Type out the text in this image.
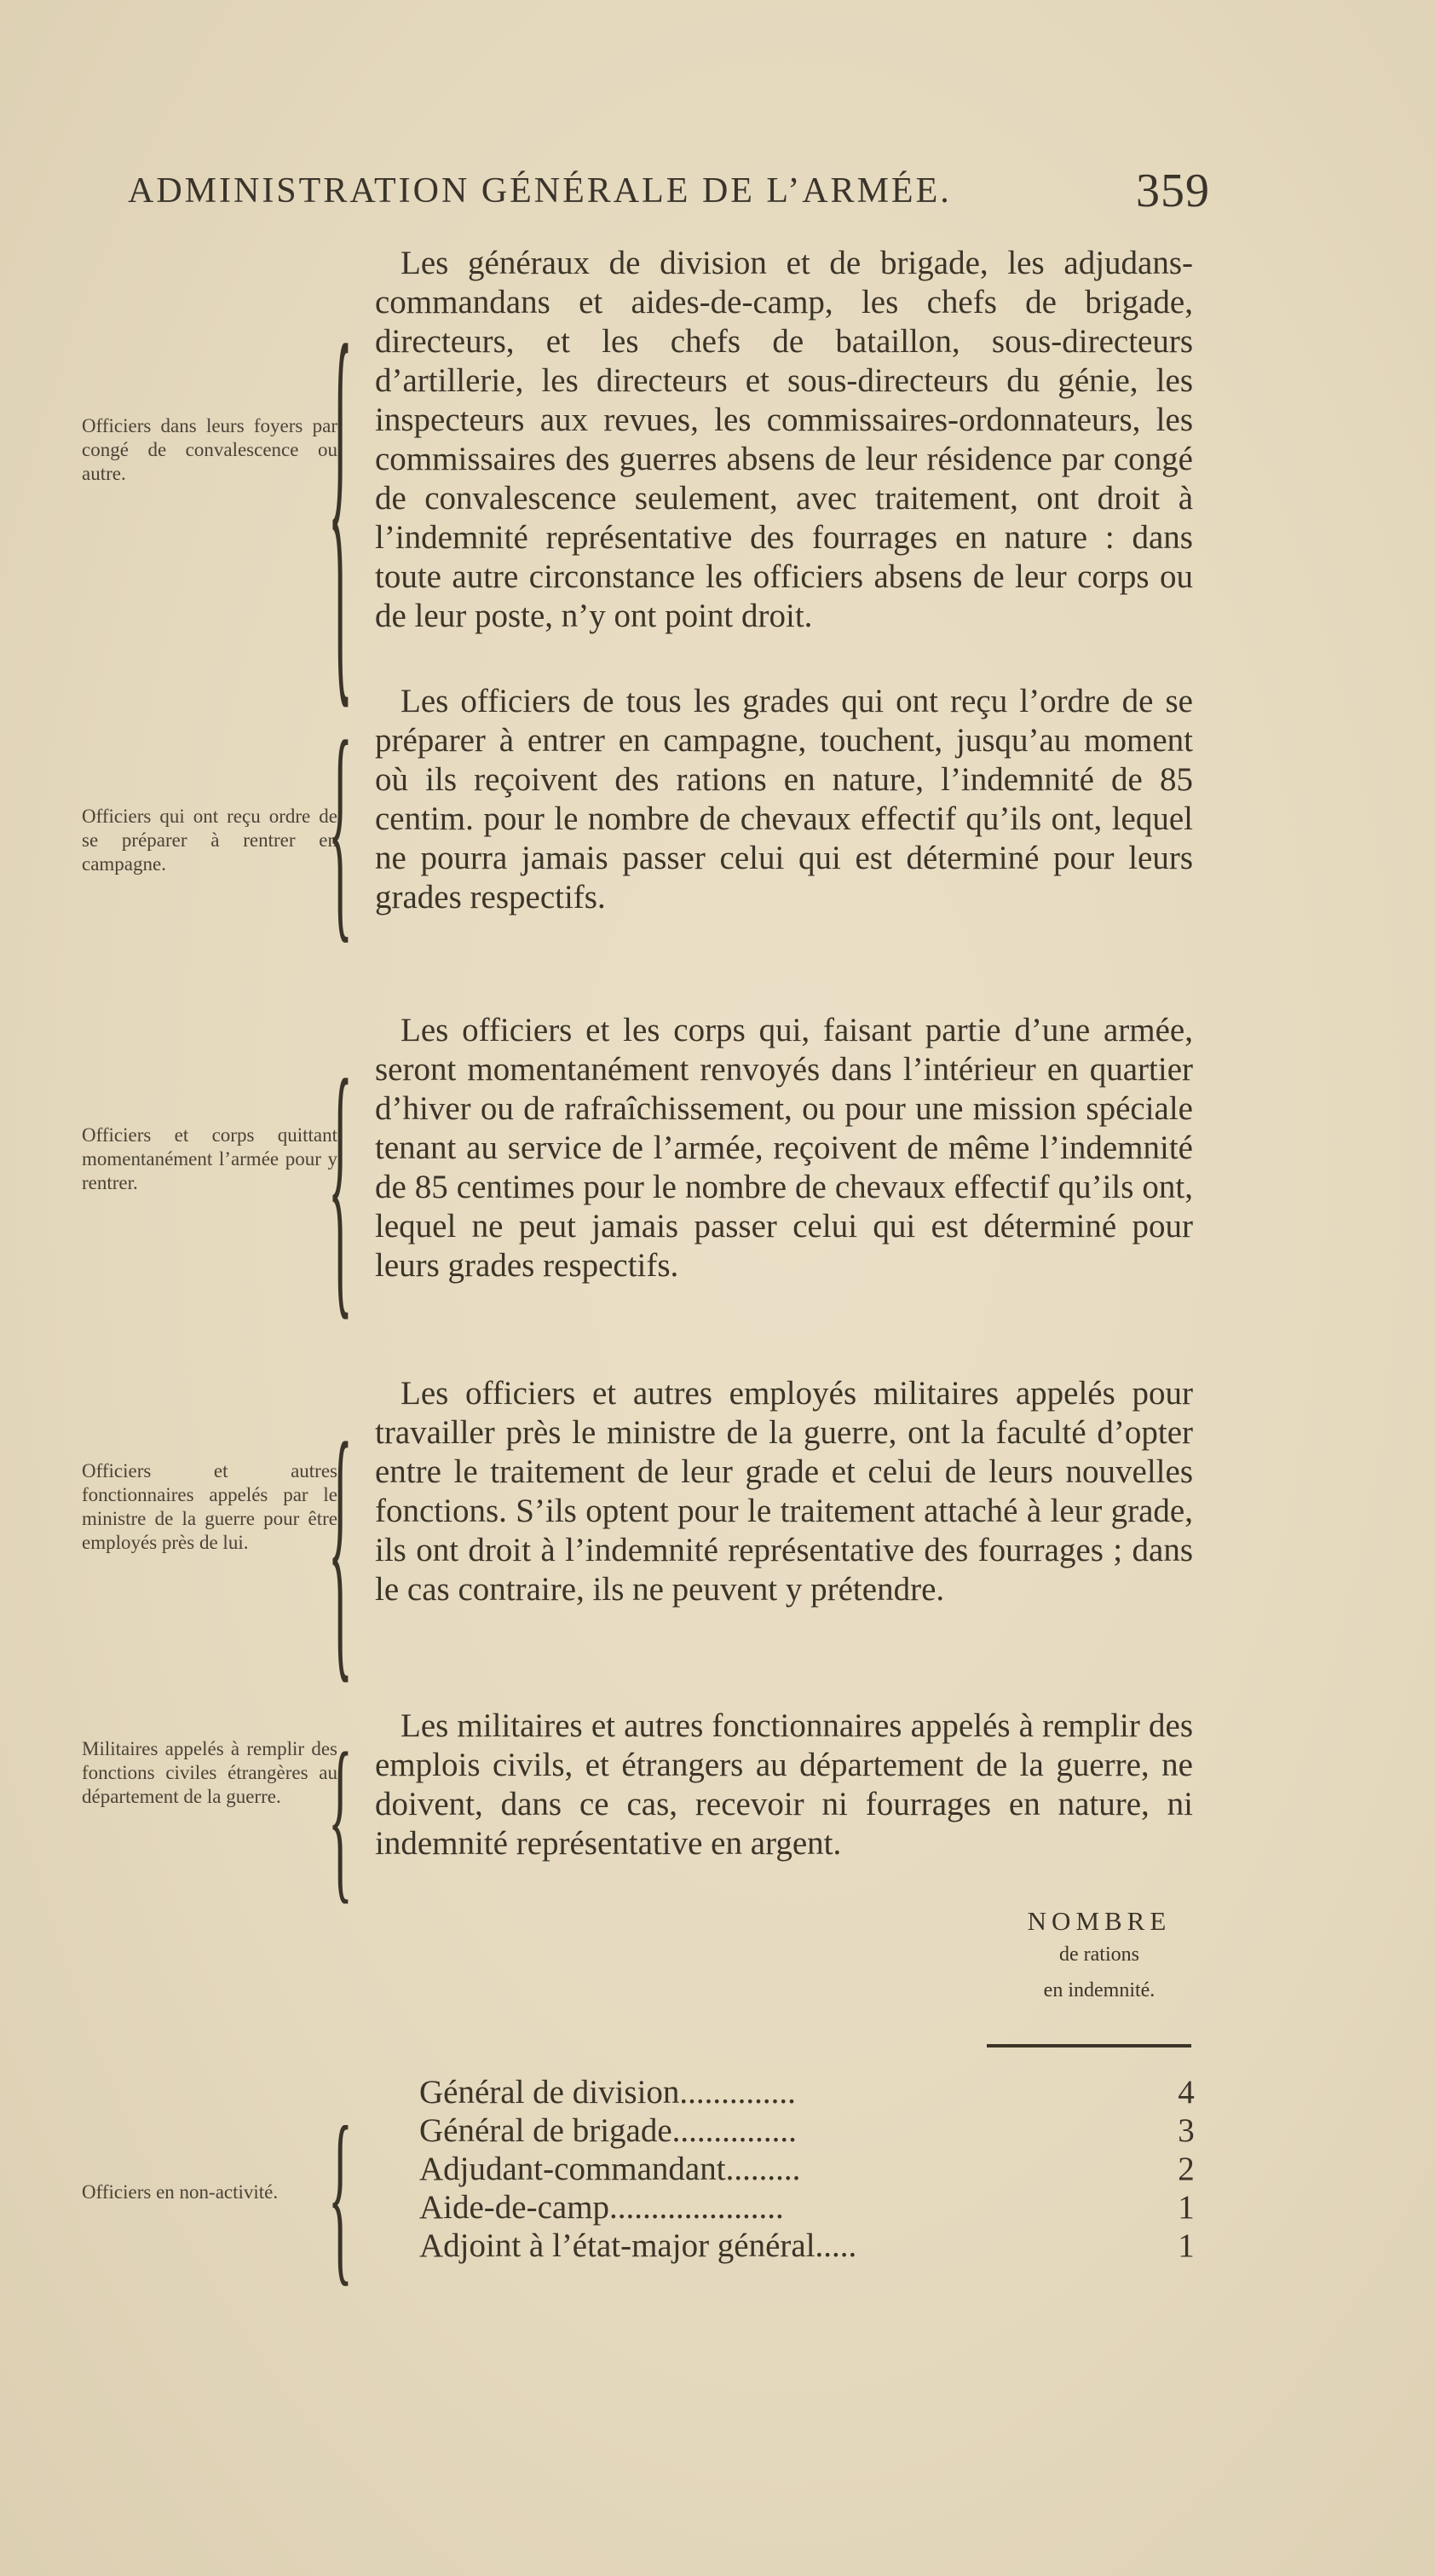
ADMINISTRATION GÉNÉRALE DE L’ARMÉE.	359
Officiers dans leurs foyers par congé de convalescence ou autre.	{	Les généraux de division et de brigade, les adjudans-commandans et aides-de-camp, les chefs de brigade, directeurs, et les chefs de bataillon, sous-directeurs d’artillerie, les directeurs et sous-directeurs du génie, les inspecteurs aux revues, les commissaires-ordonnateurs, les commissaires des guerres absens de leur résidence par congé de convalescence seulement, avec traitement, ont droit à l’indemnité représentative des fourrages en nature : dans toute autre circonstance les officiers absens de leur corps ou de leur poste, n’y ont point droit.
Officiers qui ont reçu ordre de se préparer à rentrer en campagne.	{	Les officiers de tous les grades qui ont reçu l’ordre de se préparer à entrer en campagne, touchent, jusqu’au moment où ils reçoivent des rations en nature, l’indemnité de 85 centim. pour le nombre de chevaux effectif qu’ils ont, lequel ne pourra jamais passer celui qui est déterminé pour leurs grades respectifs.
Officiers et corps quittant momentanément l’armée pour y rentrer.	{	Les officiers et les corps qui, faisant partie d’une armée, seront momentanément renvoyés dans l’intérieur en quartier d’hiver ou de rafraîchissement, ou pour une mission spéciale tenant au service de l’armée, reçoivent de même l’indemnité de 85 centimes pour le nombre de chevaux effectif qu’ils ont, lequel ne peut jamais passer celui qui est déterminé pour leurs grades respectifs.
Officiers et autres fonctionnaires appelés par le ministre de la guerre pour être employés près de lui.	{	Les officiers et autres employés militaires appelés pour travailler près le ministre de la guerre, ont la faculté d’opter entre le traitement de leur grade et celui de leurs nouvelles fonctions. S’ils optent pour le traitement attaché à leur grade, ils ont droit à l’indemnité représentative des fourrages ; dans le cas contraire, ils ne peuvent y prétendre.
Militaires appelés à remplir des fonctions civiles étrangères au département de la guerre. {	Les militaires et autres fonctionnaires appelés à remplir des emplois civils, et étrangers au département de la guerre, ne doivent, dans ce cas, recevoir ni fourrages en nature, ni indemnité représentative en argent.
NOMBRE
de rations
en indemnité.
Officiers en non-activité. { Général de division..............	4
Général de brigade...............	3
Adjudant-commandant.........	2
Aide-de-camp.....................	1
Adjoint à l’état-major général.....	1
